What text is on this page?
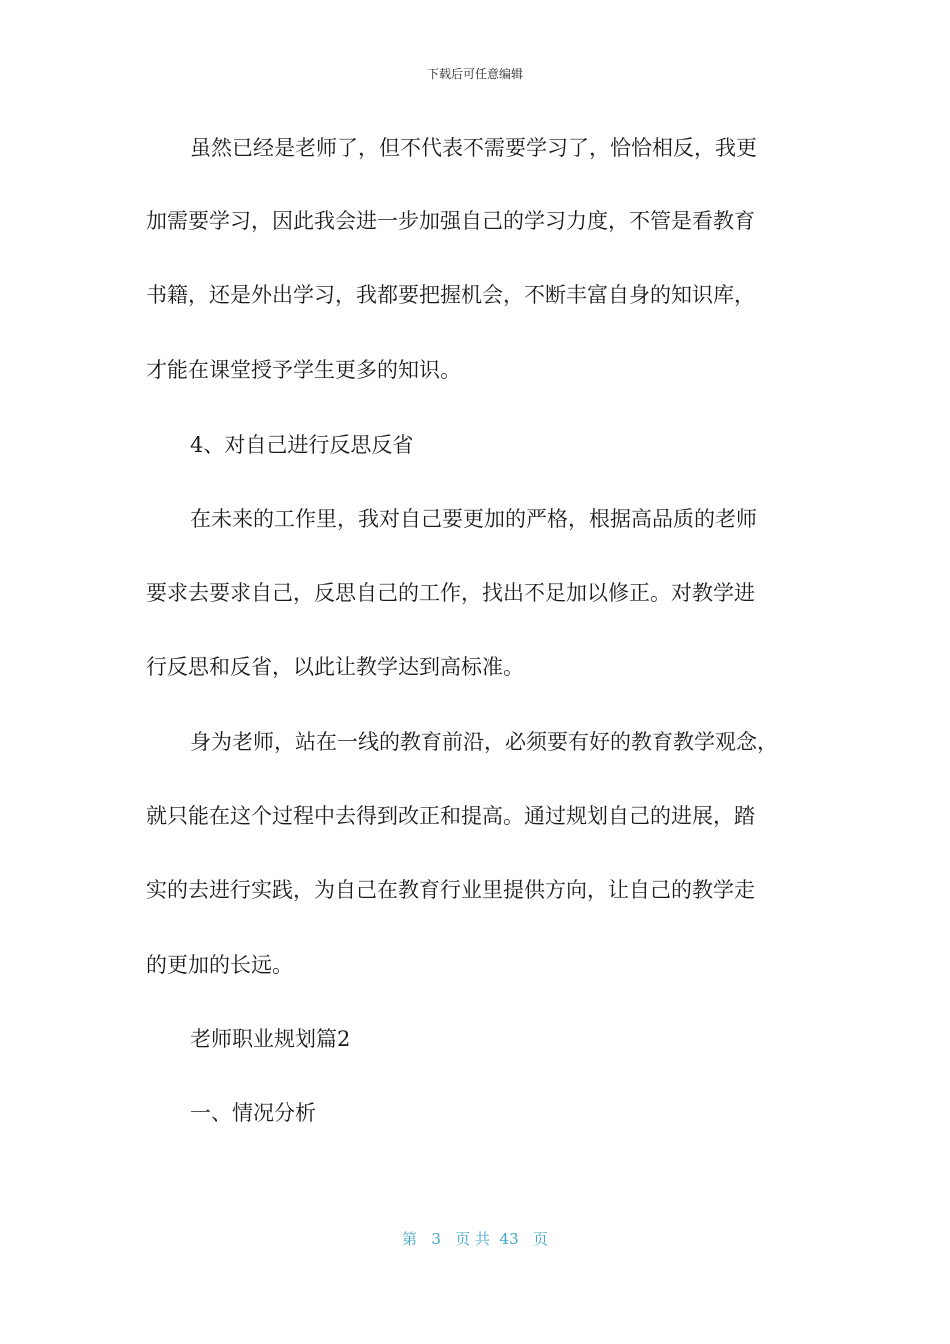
下载后可任意编辑
虽然已经是老师了，但不代表不需要学习了，恰恰相反，我更
加需要学习，因此我会进一步加强自己的学习力度，不管是看教育
书籍，还是外出学习，我都要把握机会，不断丰富自身的知识库，
才能在课堂授予学生更多的知识。
4、对自己进行反思反省
在未来的工作里，我对自己要更加的严格，根据高品质的老师
要求去要求自己，反思自己的工作，找出不足加以修正。对教学进
行反思和反省，以此让教学达到高标准。
身为老师，站在一线的教育前沿，必须要有好的教育教学观念，
就只能在这个过程中去得到改正和提高。通过规划自己的进展，踏
实的去进行实践，为自己在教育行业里提供方向，让自己的教学走
的更加的长远。
老师职业规划篇2
一、情况分析
第 3 页 共 43 页
